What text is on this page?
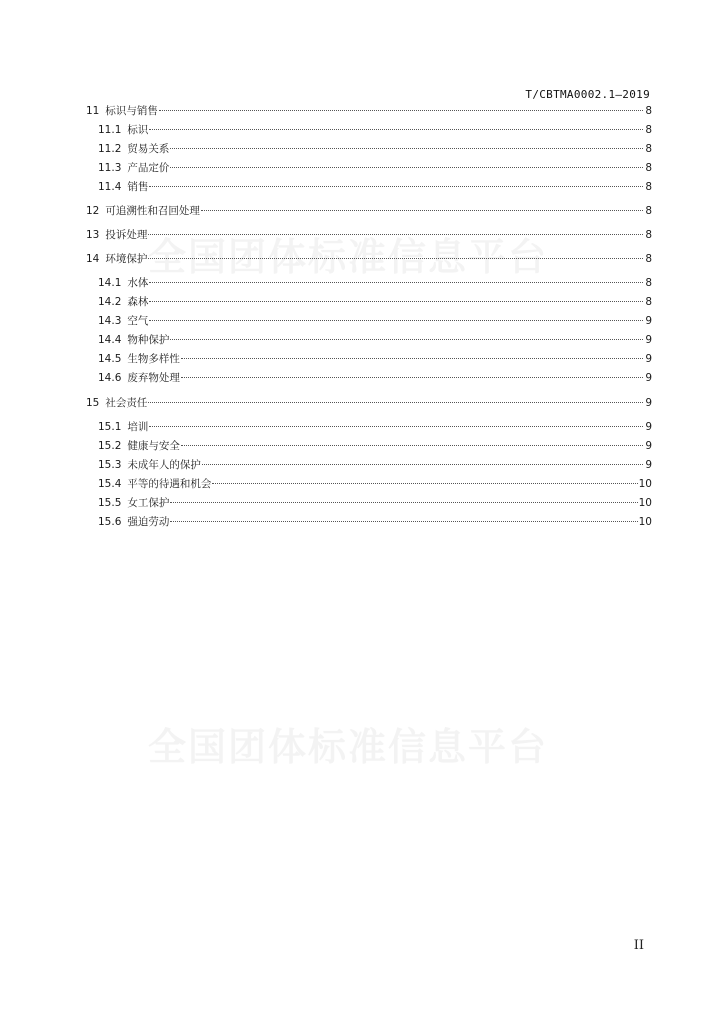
T/CBTMA0002.1—2019
11 标识与销售	8
11.1 标识	8
11.2 贸易关系	8
11.3 产品定价	8
11.4 销售	8
12 可追溯性和召回处理	8
13 投诉处理	8
14 环境保护	8
14.1 水体	8
14.2 森林	8
14.3 空气	9
14.4 物种保护	9
14.5 生物多样性	9
14.6 废弃物处理	9
15 社会责任	9
15.1 培训	9
15.2 健康与安全	9
15.3 未成年人的保护	9
15.4 平等的待遇和机会	10
15.5 女工保护	10
15.6 强迫劳动	10
II
